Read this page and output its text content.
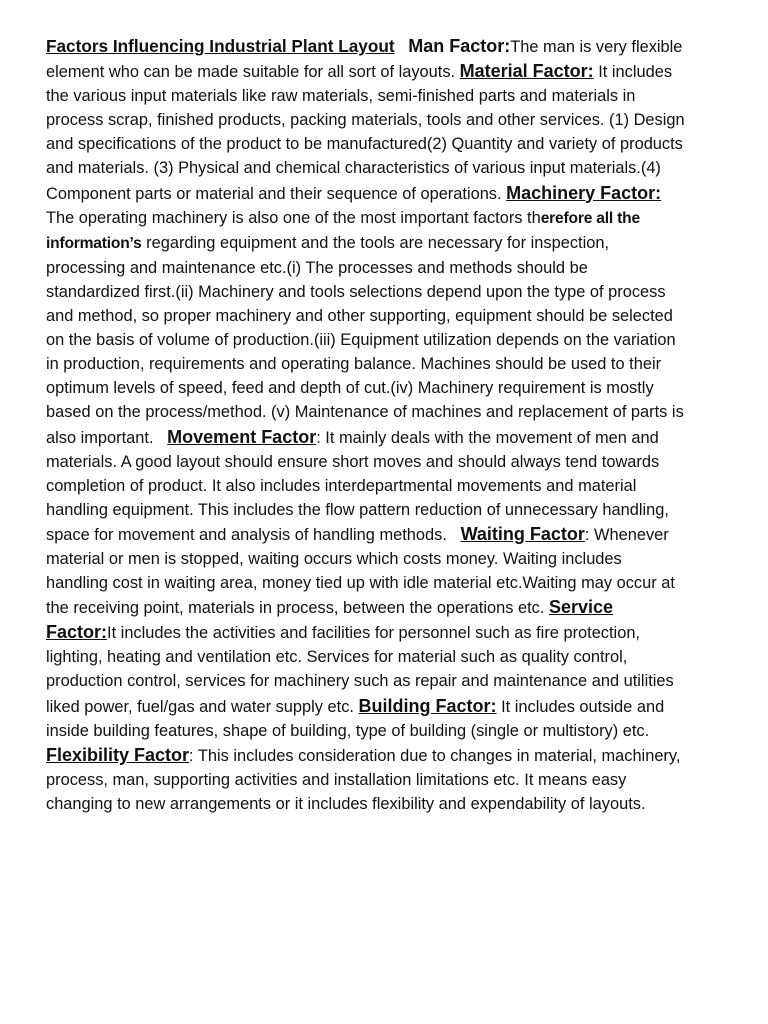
Factors Influencing Industrial Plant Layout Man Factor:The man is very flexible element who can be made suitable for all sort of layouts. Material Factor: It includes the various input materials like raw materials, semi-finished parts and materials in process scrap, finished products, packing materials, tools and other services. (1) Design and specifications of the product to be manufactured(2) Quantity and variety of products and materials. (3) Physical and chemical characteristics of various input materials.(4) Component parts or material and their sequence of operations. Machinery Factor: The operating machinery is also one of the most important factors therefore all the information’s regarding equipment and the tools are necessary for inspection, processing and maintenance etc.(i) The processes and methods should be standardized first.(ii) Machinery and tools selections depend upon the type of process and method, so proper machinery and other supporting, equipment should be selected on the basis of volume of production.(iii) Equipment utilization depends on the variation in production, requirements and operating balance. Machines should be used to their optimum levels of speed, feed and depth of cut.(iv) Machinery requirement is mostly based on the process/method. (v) Maintenance of machines and replacement of parts is also important. Movement Factor: It mainly deals with the movement of men and materials. A good layout should ensure short moves and should always tend towards completion of product. It also includes interdepartmental movements and material handling equipment. This includes the flow pattern reduction of unnecessary handling, space for movement and analysis of handling methods. Waiting Factor: Whenever material or men is stopped, waiting occurs which costs money. Waiting includes handling cost in waiting area, money tied up with idle material etc.Waiting may occur at the receiving point, materials in process, between the operations etc. Service Factor:It includes the activities and facilities for personnel such as fire protection, lighting, heating and ventilation etc. Services for material such as quality control, production control, services for machinery such as repair and maintenance and utilities liked power, fuel/gas and water supply etc. Building Factor: It includes outside and inside building features, shape of building, type of building (single or multistory) etc. Flexibility Factor: This includes consideration due to changes in material, machinery, process, man, supporting activities and installation limitations etc. It means easy changing to new arrangements or it includes flexibility and expendability of layouts.
